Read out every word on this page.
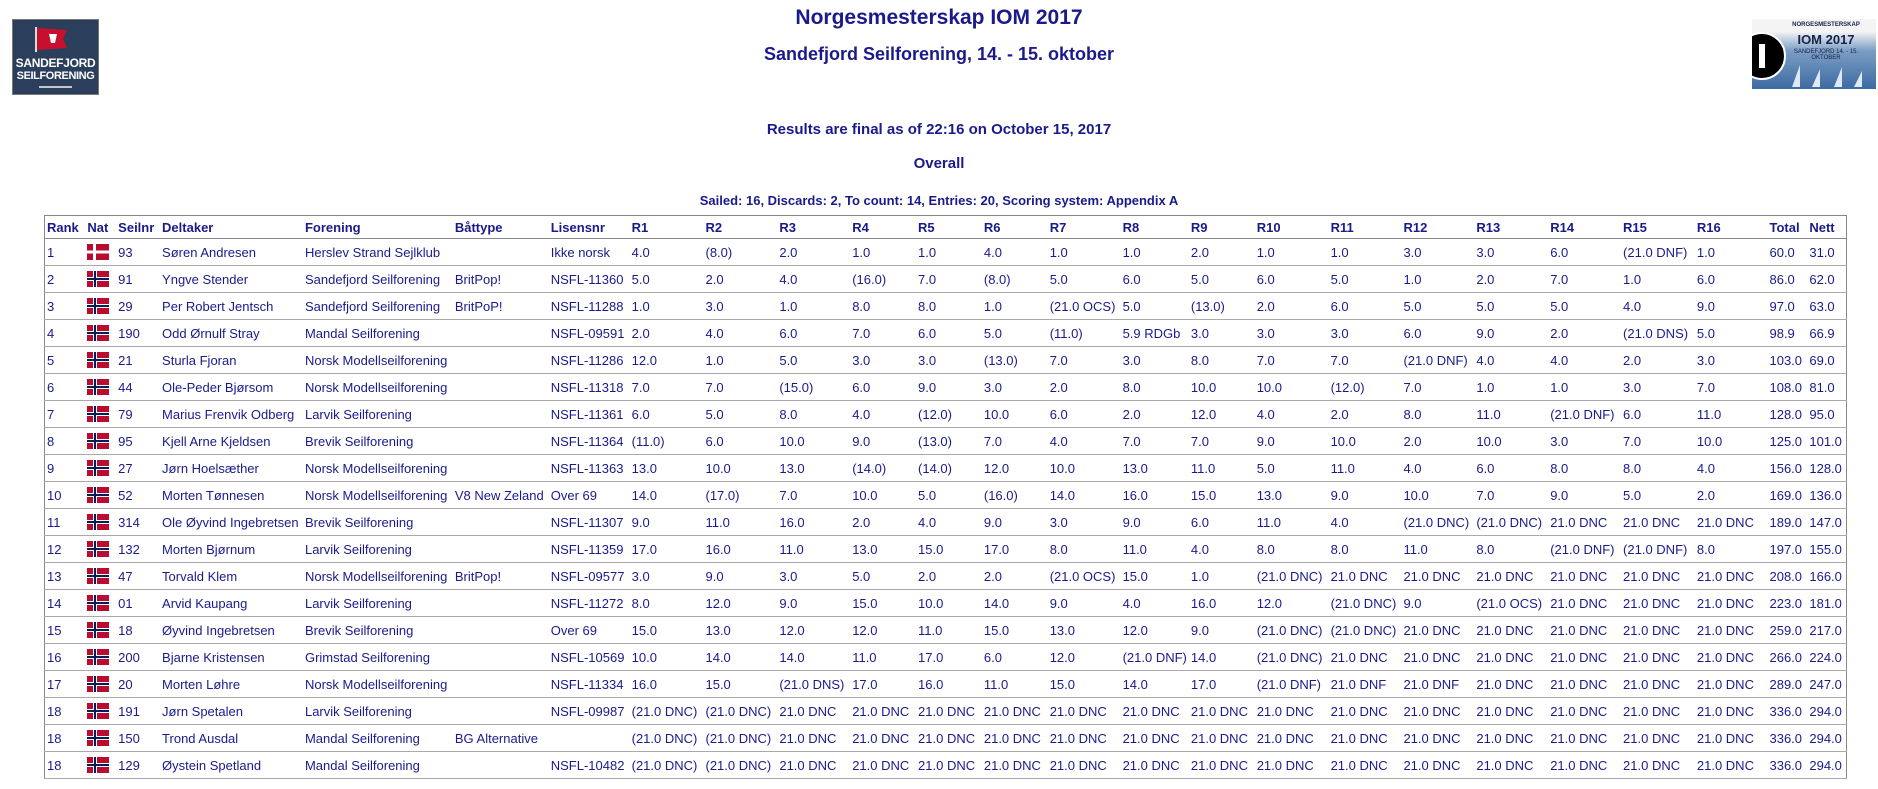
SANDEFJORD
SEILFORENING
NORGESMESTERSKAP
IOM 2017
SANDEFJORD 14. - 15. OKTOBER
Norgesmesterskap IOM 2017
Sandefjord Seilforening, 14. - 15. oktober
Results are final as of 22:16 on October 15, 2017
Overall
Sailed: 16, Discards: 2, To count: 14, Entries: 20, Scoring system: Appendix A
Rank	Nat	Seilnr	Deltaker	Forening	Båttype	Lisensnr	R1	R2	R3	R4	R5	R6	R7	R8	R9	R10	R11	R12	R13	R14	R15	R16	Total	Nett
1		93	Søren Andresen	Herslev Strand Sejlklub		Ikke norsk	4.0	(8.0)	2.0	1.0	1.0	4.0	1.0	1.0	2.0	1.0	1.0	3.0	3.0	6.0	(21.0 DNF)	1.0	60.0	31.0
2		91	Yngve Stender	Sandefjord Seilforening	BritPop!	NSFL-11360	5.0	2.0	4.0	(16.0)	7.0	(8.0)	5.0	6.0	5.0	6.0	5.0	1.0	2.0	7.0	1.0	6.0	86.0	62.0
3		29	Per Robert Jentsch	Sandefjord Seilforening	BritPoP!	NSFL-11288	1.0	3.0	1.0	8.0	8.0	1.0	(21.0 OCS)	5.0	(13.0)	2.0	6.0	5.0	5.0	5.0	4.0	9.0	97.0	63.0
4		190	Odd Ørnulf Stray	Mandal Seilforening		NSFL-09591	2.0	4.0	6.0	7.0	6.0	5.0	(11.0)	5.9 RDGb	3.0	3.0	3.0	6.0	9.0	2.0	(21.0 DNS)	5.0	98.9	66.9
5		21	Sturla Fjoran	Norsk Modellseilforening		NSFL-11286	12.0	1.0	5.0	3.0	3.0	(13.0)	7.0	3.0	8.0	7.0	7.0	(21.0 DNF)	4.0	4.0	2.0	3.0	103.0	69.0
6		44	Ole-Peder Bjørsom	Norsk Modellseilforening		NSFL-11318	7.0	7.0	(15.0)	6.0	9.0	3.0	2.0	8.0	10.0	10.0	(12.0)	7.0	1.0	1.0	3.0	7.0	108.0	81.0
7		79	Marius Frenvik Odberg	Larvik Seilforening		NSFL-11361	6.0	5.0	8.0	4.0	(12.0)	10.0	6.0	2.0	12.0	4.0	2.0	8.0	11.0	(21.0 DNF)	6.0	11.0	128.0	95.0
8		95	Kjell Arne Kjeldsen	Brevik Seilforening		NSFL-11364	(11.0)	6.0	10.0	9.0	(13.0)	7.0	4.0	7.0	7.0	9.0	10.0	2.0	10.0	3.0	7.0	10.0	125.0	101.0
9		27	Jørn Hoelsæther	Norsk Modellseilforening		NSFL-11363	13.0	10.0	13.0	(14.0)	(14.0)	12.0	10.0	13.0	11.0	5.0	11.0	4.0	6.0	8.0	8.0	4.0	156.0	128.0
10		52	Morten Tønnesen	Norsk Modellseilforening	V8 New Zeland	Over 69	14.0	(17.0)	7.0	10.0	5.0	(16.0)	14.0	16.0	15.0	13.0	9.0	10.0	7.0	9.0	5.0	2.0	169.0	136.0
11		314	Ole Øyvind Ingebretsen	Brevik Seilforening		NSFL-11307	9.0	11.0	16.0	2.0	4.0	9.0	3.0	9.0	6.0	11.0	4.0	(21.0 DNC)	(21.0 DNC)	21.0 DNC	21.0 DNC	21.0 DNC	189.0	147.0
12		132	Morten Bjørnum	Larvik Seilforening		NSFL-11359	17.0	16.0	11.0	13.0	15.0	17.0	8.0	11.0	4.0	8.0	8.0	11.0	8.0	(21.0 DNF)	(21.0 DNF)	8.0	197.0	155.0
13		47	Torvald Klem	Norsk Modellseilforening	BritPop!	NSFL-09577	3.0	9.0	3.0	5.0	2.0	2.0	(21.0 OCS)	15.0	1.0	(21.0 DNC)	21.0 DNC	21.0 DNC	21.0 DNC	21.0 DNC	21.0 DNC	21.0 DNC	208.0	166.0
14		01	Arvid Kaupang	Larvik Seilforening		NSFL-11272	8.0	12.0	9.0	15.0	10.0	14.0	9.0	4.0	16.0	12.0	(21.0 DNC)	9.0	(21.0 OCS)	21.0 DNC	21.0 DNC	21.0 DNC	223.0	181.0
15		18	Øyvind Ingebretsen	Brevik Seilforening		Over 69	15.0	13.0	12.0	12.0	11.0	15.0	13.0	12.0	9.0	(21.0 DNC)	(21.0 DNC)	21.0 DNC	21.0 DNC	21.0 DNC	21.0 DNC	21.0 DNC	259.0	217.0
16		200	Bjarne Kristensen	Grimstad Seilforening		NSFL-10569	10.0	14.0	14.0	11.0	17.0	6.0	12.0	(21.0 DNF)	14.0	(21.0 DNC)	21.0 DNC	21.0 DNC	21.0 DNC	21.0 DNC	21.0 DNC	21.0 DNC	266.0	224.0
17		20	Morten Løhre	Norsk Modellseilforening		NSFL-11334	16.0	15.0	(21.0 DNS)	17.0	16.0	11.0	15.0	14.0	17.0	(21.0 DNF)	21.0 DNF	21.0 DNF	21.0 DNC	21.0 DNC	21.0 DNC	21.0 DNC	289.0	247.0
18		191	Jørn Spetalen	Larvik Seilforening		NSFL-09987	(21.0 DNC)	(21.0 DNC)	21.0 DNC	21.0 DNC	21.0 DNC	21.0 DNC	21.0 DNC	21.0 DNC	21.0 DNC	21.0 DNC	21.0 DNC	21.0 DNC	21.0 DNC	21.0 DNC	21.0 DNC	21.0 DNC	336.0	294.0
18		150	Trond Ausdal	Mandal Seilforening	BG Alternative		(21.0 DNC)	(21.0 DNC)	21.0 DNC	21.0 DNC	21.0 DNC	21.0 DNC	21.0 DNC	21.0 DNC	21.0 DNC	21.0 DNC	21.0 DNC	21.0 DNC	21.0 DNC	21.0 DNC	21.0 DNC	21.0 DNC	336.0	294.0
18		129	Øystein Spetland	Mandal Seilforening		NSFL-10482	(21.0 DNC)	(21.0 DNC)	21.0 DNC	21.0 DNC	21.0 DNC	21.0 DNC	21.0 DNC	21.0 DNC	21.0 DNC	21.0 DNC	21.0 DNC	21.0 DNC	21.0 DNC	21.0 DNC	21.0 DNC	21.0 DNC	336.0	294.0
